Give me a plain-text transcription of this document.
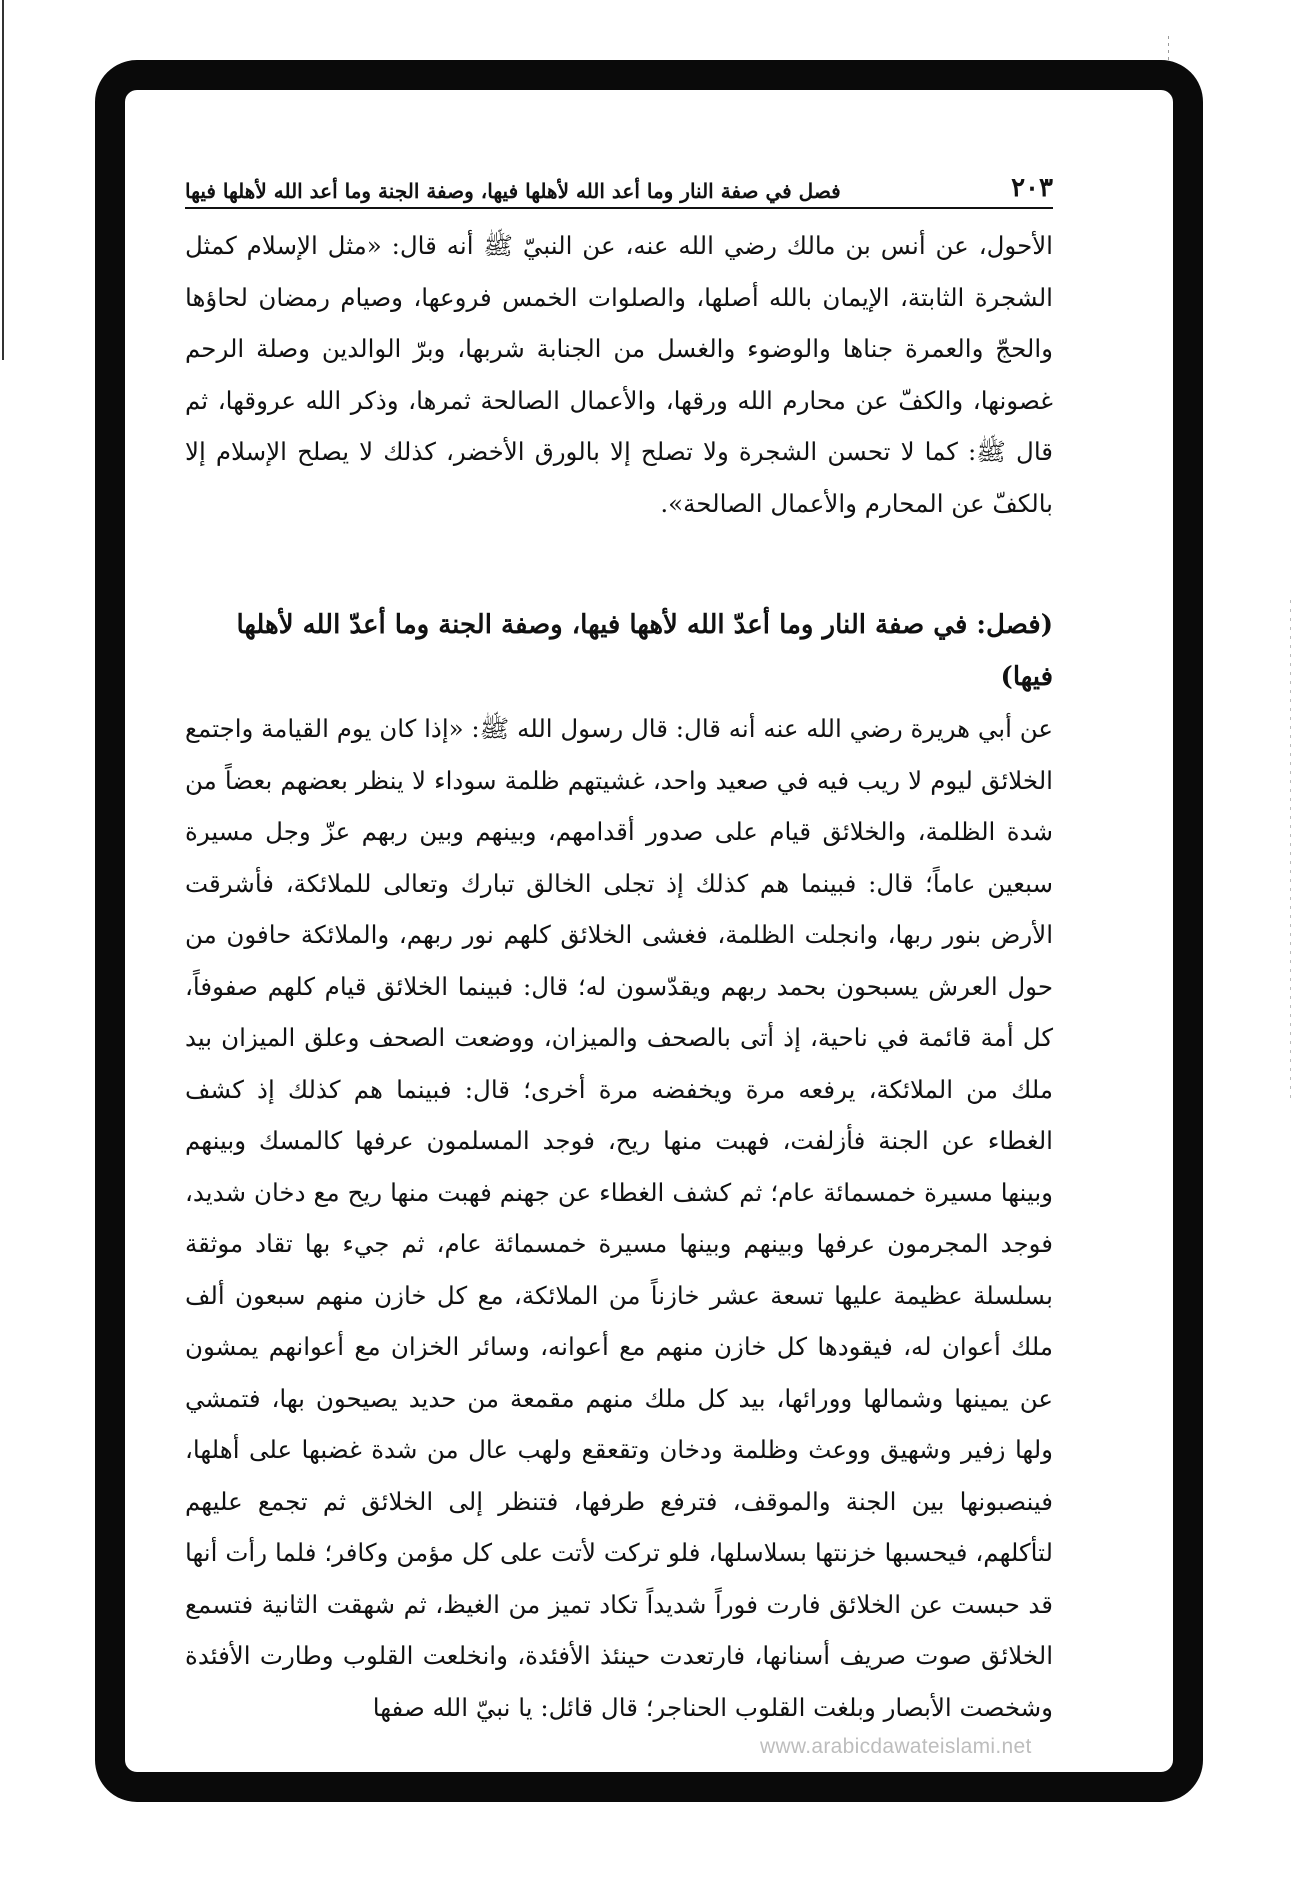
فصل في صفة النار وما أعد الله لأهلها فيها، وصفة الجنة وما أعد الله لأهلها فيها	٢٠٣

الأحول، عن أنس بن مالك رضي الله عنه، عن النبيّ ﷺ أنه قال: «مثل الإسلام كمثل الشجرة الثابتة، الإيمان بالله أصلها، والصلوات الخمس فروعها، وصيام رمضان لحاؤها والحجّ والعمرة جناها والوضوء والغسل من الجنابة شربها، وبرّ الوالدين وصلة الرحم غصونها، والكفّ عن محارم الله ورقها، والأعمال الصالحة ثمرها، وذكر الله عروقها، ثم قال ﷺ: كما لا تحسن الشجرة ولا تصلح إلا بالورق الأخضر، كذلك لا يصلح الإسلام إلا بالكفّ عن المحارم والأعمال الصالحة».

(فصل: في صفة النار وما أعدّ الله لأهها فيها، وصفة الجنة وما أعدّ الله لأهلها فيها)

عن أبي هريرة رضي الله عنه أنه قال: قال رسول الله ﷺ: «إذا كان يوم القيامة واجتمع الخلائق ليوم لا ريب فيه في صعيد واحد، غشيتهم ظلمة سوداء لا ينظر بعضهم بعضاً من شدة الظلمة، والخلائق قيام على صدور أقدامهم، وبينهم وبين ربهم عزّ وجل مسيرة سبعين عاماً؛ قال: فبينما هم كذلك إذ تجلى الخالق تبارك وتعالى للملائكة، فأشرقت الأرض بنور ربها، وانجلت الظلمة، فغشى الخلائق كلهم نور ربهم، والملائكة حافون من حول العرش يسبحون بحمد ربهم ويقدّسون له؛ قال: فبينما الخلائق قيام كلهم صفوفاً، كل أمة قائمة في ناحية، إذ أتى بالصحف والميزان، ووضعت الصحف وعلق الميزان بيد ملك من الملائكة، يرفعه مرة ويخفضه مرة أخرى؛ قال: فبينما هم كذلك إذ كشف الغطاء عن الجنة فأزلفت، فهبت منها ريح، فوجد المسلمون عرفها كالمسك وبينهم وبينها مسيرة خمسمائة عام؛ ثم كشف الغطاء عن جهنم فهبت منها ريح مع دخان شديد، فوجد المجرمون عرفها وبينهم وبينها مسيرة خمسمائة عام، ثم جيء بها تقاد موثقة بسلسلة عظيمة عليها تسعة عشر خازناً من الملائكة، مع كل خازن منهم سبعون ألف ملك أعوان له، فيقودها كل خازن منهم مع أعوانه، وسائر الخزان مع أعوانهم يمشون عن يمينها وشمالها وورائها، بيد كل ملك منهم مقمعة من حديد يصيحون بها، فتمشي ولها زفير وشهيق ووعث وظلمة ودخان وتقعقع ولهب عال من شدة غضبها على أهلها، فينصبونها بين الجنة والموقف، فترفع طرفها، فتنظر إلى الخلائق ثم تجمع عليهم لتأكلهم، فيحسبها خزنتها بسلاسلها، فلو تركت لأتت على كل مؤمن وكافر؛ فلما رأت أنها قد حبست عن الخلائق فارت فوراً شديداً تكاد تميز من الغيظ، ثم شهقت الثانية فتسمع الخلائق صوت صريف أسنانها، فارتعدت حينئذ الأفئدة، وانخلعت القلوب وطارت الأفئدة وشخصت الأبصار وبلغت القلوب الحناجر؛ قال قائل: يا نبيّ الله صفها

www.arabicdawateislami.net
